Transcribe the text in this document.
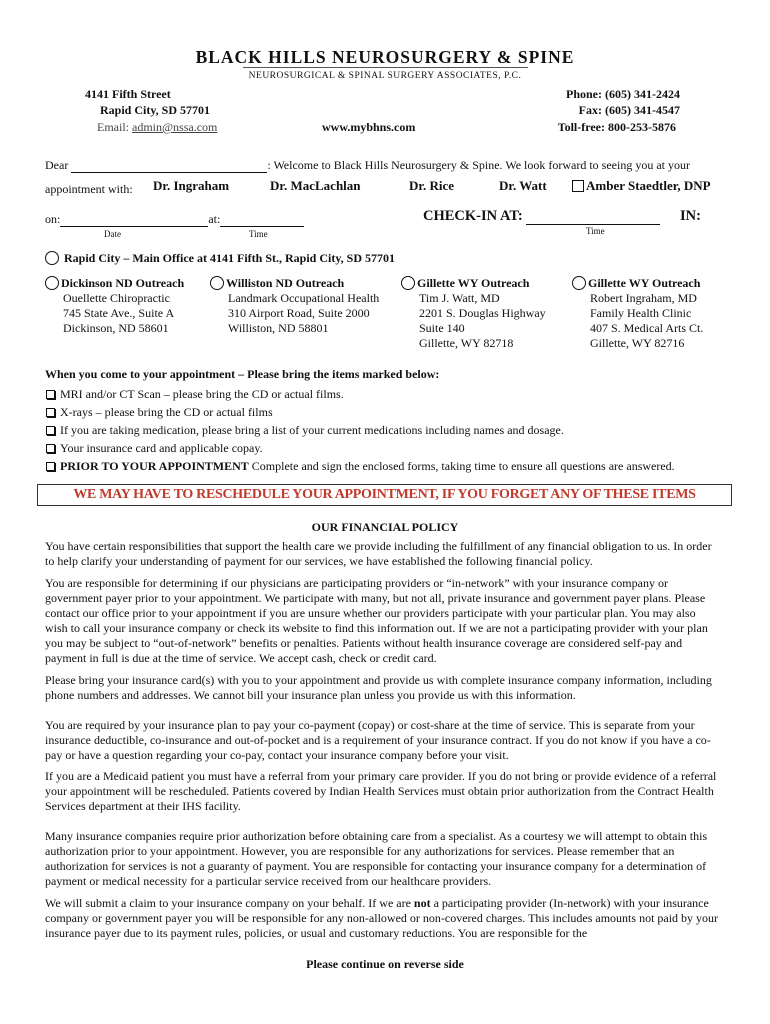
BLACK HILLS NEUROSURGERY & SPINE
NEUROSURGICAL & SPINAL SURGERY ASSOCIATES, P.C.
4141 Fifth Street
Rapid City, SD 57701
Email: admin@nssa.com	www.mybhns.com
Phone: (605) 341-2424
Fax: (605) 341-4547
Toll-free: 800-253-5876
Dear	: Welcome to Black Hills Neurosurgery & Spine. We look forward to seeing you at your
appointment with: Dr. Ingraham	Dr. MacLachlan	Dr. Rice	Dr. Watt	Amber Staedtler, DNP
on:	at:
Date	Time
CHECK-IN AT:	IN:
Time
Rapid City – Main Office at 4141 Fifth St., Rapid City, SD 57701
Dickinson ND Outreach
Ouellette Chiropractic
745 State Ave., Suite A
Dickinson, ND 58601
Williston ND Outreach
Landmark Occupational Health
310 Airport Road, Suite 2000
Williston, ND 58801
Gillette WY Outreach
Tim J. Watt, MD
2201 S. Douglas Highway
Suite 140
Gillette, WY 82718
Gillette WY Outreach
Robert Ingraham, MD
Family Health Clinic
407 S. Medical Arts Ct.
Gillette, WY 82716
When you come to your appointment – Please bring the items marked below:
MRI and/or CT Scan – please bring the CD or actual films.
X-rays – please bring the CD or actual films
If you are taking medication, please bring a list of your current medications including names and dosage.
Your insurance card and applicable copay.
PRIOR TO YOUR APPOINTMENT Complete and sign the enclosed forms, taking time to ensure all questions are answered.
WE MAY HAVE TO RESCHEDULE YOUR APPOINTMENT, IF YOU FORGET ANY OF THESE ITEMS
OUR FINANCIAL POLICY
You have certain responsibilities that support the health care we provide including the fulfillment of any financial obligation to us. In order to help clarify your understanding of payment for our services, we have established the following financial policy.
You are responsible for determining if our physicians are participating providers or “in-network” with your insurance company or government payer prior to your appointment. We participate with many, but not all, private insurance and government payer plans. Please contact our office prior to your appointment if you are unsure whether our providers participate with your particular plan. You may also wish to call your insurance company or check its website to find this information out. If we are not a participating provider with your plan you may be subject to “out-of-network” benefits or penalties. Patients without health insurance coverage are considered self-pay and payment in full is due at the time of service. We accept cash, check or credit card.
Please bring your insurance card(s) with you to your appointment and provide us with complete insurance company information, including phone numbers and addresses. We cannot bill your insurance plan unless you provide us with this information.
You are required by your insurance plan to pay your co-payment (copay) or cost-share at the time of service. This is separate from your insurance deductible, co-insurance and out-of-pocket and is a requirement of your insurance contract. If you do not know if you have a co-pay or have a question regarding your co-pay, contact your insurance company before your visit.
If you are a Medicaid patient you must have a referral from your primary care provider. If you do not bring or provide evidence of a referral your appointment will be rescheduled. Patients covered by Indian Health Services must obtain prior authorization from the Contract Health Services department at their IHS facility.
Many insurance companies require prior authorization before obtaining care from a specialist. As a courtesy we will attempt to obtain this authorization prior to your appointment. However, you are responsible for any authorizations for services. Please remember that an authorization for services is not a guaranty of payment. You are responsible for contacting your insurance company for a determination of payment or medical necessity for a particular service received from our healthcare providers.
We will submit a claim to your insurance company on your behalf. If we are not a participating provider (In-network) with your insurance company or government payer you will be responsible for any non-allowed or non-covered charges. This includes amounts not paid by your insurance payer due to its payment rules, policies, or usual and customary reductions. You are responsible for the
Please continue on reverse side
